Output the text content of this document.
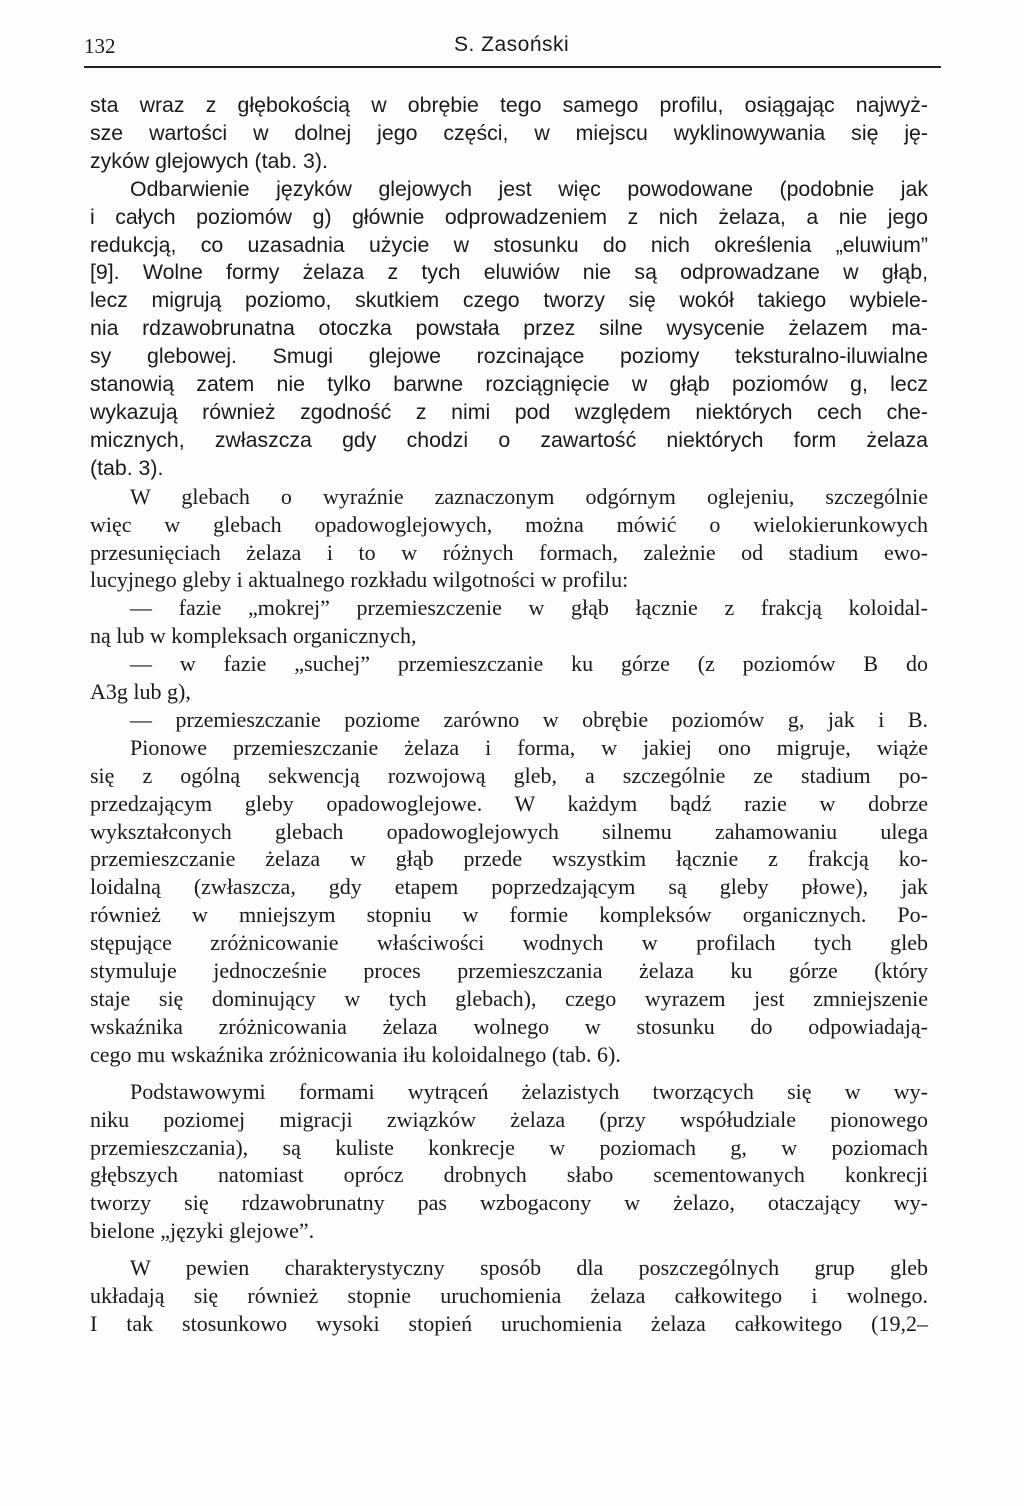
132	S. Zasoński
sta wraz z głębokością w obrębie tego samego profilu, osiągając najwyż-
sze wartości w dolnej jego części, w miejscu wyklinowywania się ję-
zyków glejowych (tab. 3).
Odbarwienie języków glejowych jest więc powodowane (podobnie jak
i całych poziomów g) głównie odprowadzeniem z nich żelaza, a nie jego
redukcją, co uzasadnia użycie w stosunku do nich określenia „eluwium”
[9]. Wolne formy żelaza z tych eluwiów nie są odprowadzane w głąb,
lecz migrują poziomo, skutkiem czego tworzy się wokół takiego wybiele-
nia rdzawobrunatna otoczka powstała przez silne wysycenie żelazem ma-
sy glebowej. Smugi glejowe rozcinające poziomy teksturalno-iluwialne
stanowią zatem nie tylko barwne rozciągnięcie w głąb poziomów g, lecz
wykazują również zgodność z nimi pod względem niektórych cech che-
micznych, zwłaszcza gdy chodzi o zawartość niektórych form żelaza
(tab. 3).
W glebach o wyraźnie zaznaczonym odgórnym oglejeniu, szczególnie
więc w glebach opadowoglejowych, można mówić o wielokierunkowych
przesunięciach żelaza i to w różnych formach, zależnie od stadium ewo-
lucyjnego gleby i aktualnego rozkładu wilgotności w profilu:
— fazie „mokrej” przemieszczenie w głąb łącznie z frakcją koloidal-
ną lub w kompleksach organicznych,
— w fazie „suchej” przemieszczanie ku górze (z poziomów B do
A3g lub g),
— przemieszczanie poziome zarówno w obrębie poziomów g, jak i B.
Pionowe przemieszczanie żelaza i forma, w jakiej ono migruje, wiąże
się z ogólną sekwencją rozwojową gleb, a szczególnie ze stadium po-
przedzającym gleby opadowoglejowe. W każdym bądź razie w dobrze
wykształconych glebach opadowoglejowych silnemu zahamowaniu ulega
przemieszczanie żelaza w głąb przede wszystkim łącznie z frakcją ko-
loidalną (zwłaszcza, gdy etapem poprzedzającym są gleby płowe), jak
również w mniejszym stopniu w formie kompleksów organicznych. Po-
stępujące zróżnicowanie właściwości wodnych w profilach tych gleb
stymuluje jednocześnie proces przemieszczania żelaza ku górze (który
staje się dominujący w tych glebach), czego wyrazem jest zmniejszenie
wskaźnika zróżnicowania żelaza wolnego w stosunku do odpowiadają-
cego mu wskaźnika zróżnicowania iłu koloidalnego (tab. 6).
Podstawowymi formami wytrąceń żelazistych tworzących się w wy-
niku poziomej migracji związków żelaza (przy współudziale pionowego
przemieszczania), są kuliste konkrecje w poziomach g, w poziomach
głębszych natomiast oprócz drobnych słabo scementowanych konkrecji
tworzy się rdzawobrunatny pas wzbogacony w żelazo, otaczający wy-
bielone „języki glejowe”.
W pewien charakterystyczny sposób dla poszczególnych grup gleb
układają się również stopnie uruchomienia żelaza całkowitego i wolnego.
I tak stosunkowo wysoki stopień uruchomienia żelaza całkowitego (19,2–
